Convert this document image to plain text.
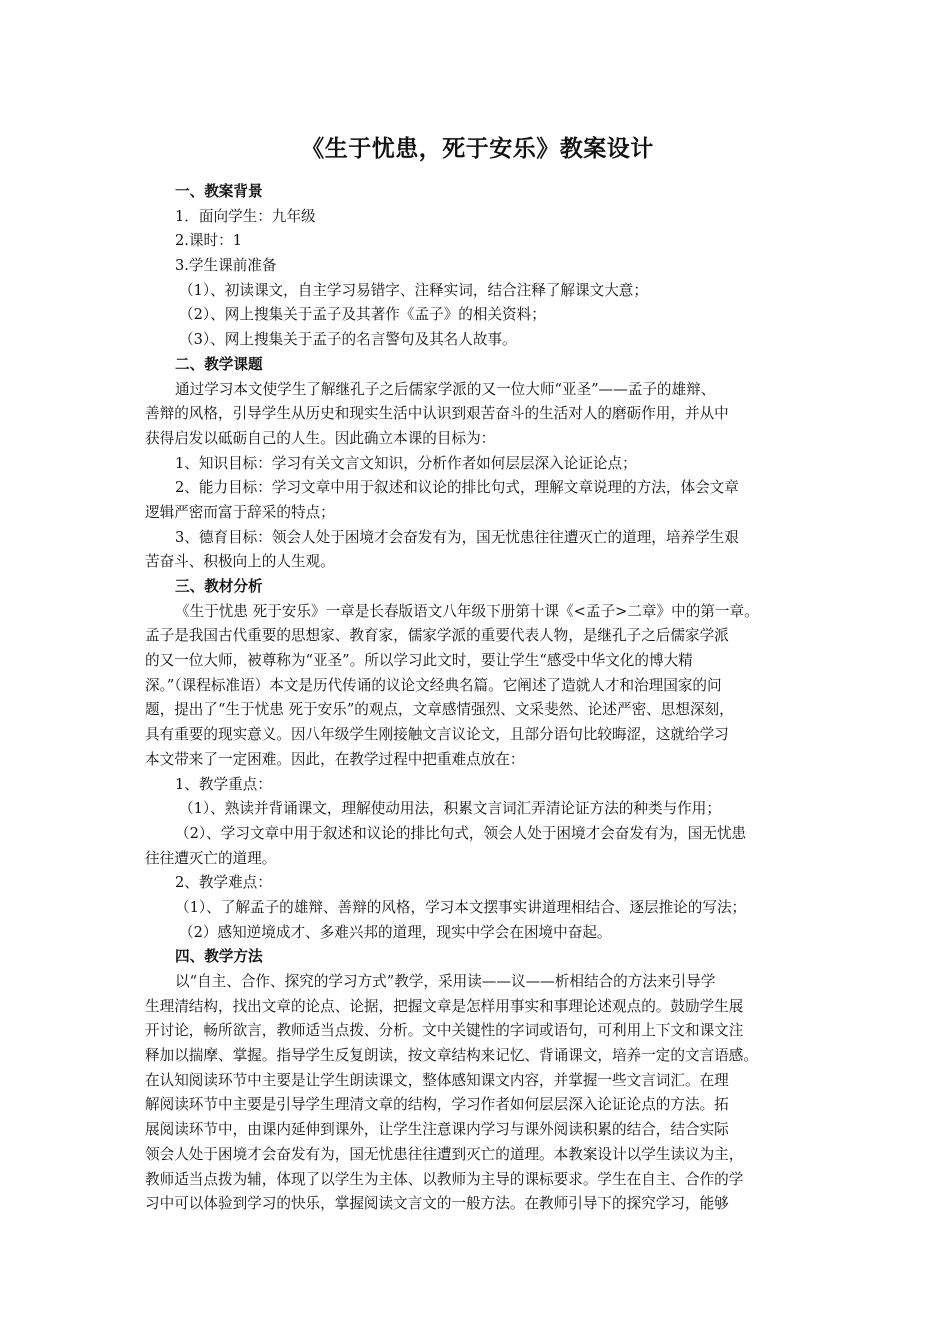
《生于忧患，死于安乐》教案设计
一、教案背景
1．面向学生：九年级
2.课时：1
3.学生课前准备
（1）、初读课文，自主学习易错字、注释实词，结合注释了解课文大意；
（2）、网上搜集关于孟子及其著作《孟子》的相关资料；
（3）、网上搜集关于孟子的名言警句及其名人故事。
二、教学课题
通过学习本文使学生了解继孔子之后儒家学派的又一位大师“亚圣”——孟子的雄辩、
善辩的风格，引导学生从历史和现实生活中认识到艰苦奋斗的生活对人的磨砺作用，并从中
获得启发以砥砺自己的人生。因此确立本课的目标为：
1、知识目标：学习有关文言文知识，分析作者如何层层深入论证论点；
2、能力目标：学习文章中用于叙述和议论的排比句式，理解文章说理的方法，体会文章
逻辑严密而富于辞采的特点；
3、德育目标：领会人处于困境才会奋发有为，国无忧患往往遭灭亡的道理，培养学生艰
苦奋斗、积极向上的人生观。
三、教材分析
《生于忧患 死于安乐》一章是长春版语文八年级下册第十课《<孟子>二章》中的第一章。
孟子是我国古代重要的思想家、教育家，儒家学派的重要代表人物，是继孔子之后儒家学派
的又一位大师，被尊称为“亚圣”。所以学习此文时，要让学生“感受中华文化的博大精
深。”（课程标准语）本文是历代传诵的议论文经典名篇。它阐述了造就人才和治理国家的问
题，提出了“生于忧患 死于安乐”的观点，文章感情强烈、文采斐然、论述严密、思想深刻，
具有重要的现实意义。因八年级学生刚接触文言议论文，且部分语句比较晦涩，这就给学习
本文带来了一定困难。因此，在教学过程中把重难点放在：
1、教学重点：
（1）、熟读并背诵课文，理解使动用法，积累文言词汇弄清论证方法的种类与作用；
（2）、学习文章中用于叙述和议论的排比句式，领会人处于困境才会奋发有为，国无忧患
往往遭灭亡的道理。
2、教学难点：
（1）、了解孟子的雄辩、善辩的风格，学习本文摆事实讲道理相结合、逐层推论的写法；
（2）感知逆境成才、多难兴邦的道理，现实中学会在困境中奋起。
四、教学方法
以“自主、合作、探究的学习方式”教学，采用读——议——析相结合的方法来引导学
生理清结构，找出文章的论点、论据，把握文章是怎样用事实和事理论述观点的。鼓励学生展
开讨论，畅所欲言，教师适当点拨、分析。文中关键性的字词或语句，可利用上下文和课文注
释加以揣摩、掌握。指导学生反复朗读，按文章结构来记忆、背诵课文，培养一定的文言语感。
在认知阅读环节中主要是让学生朗读课文，整体感知课文内容，并掌握一些文言词汇。在理
解阅读环节中主要是引导学生理清文章的结构，学习作者如何层层深入论证论点的方法。拓
展阅读环节中，由课内延伸到课外，让学生注意课内学习与课外阅读积累的结合，结合实际
领会人处于困境才会奋发有为，国无忧患往往遭到灭亡的道理。本教案设计以学生读议为主，
教师适当点拨为辅，体现了以学生为主体、以教师为主导的课标要求。学生在自主、合作的学
习中可以体验到学习的快乐，掌握阅读文言文的一般方法。在教师引导下的探究学习，能够
